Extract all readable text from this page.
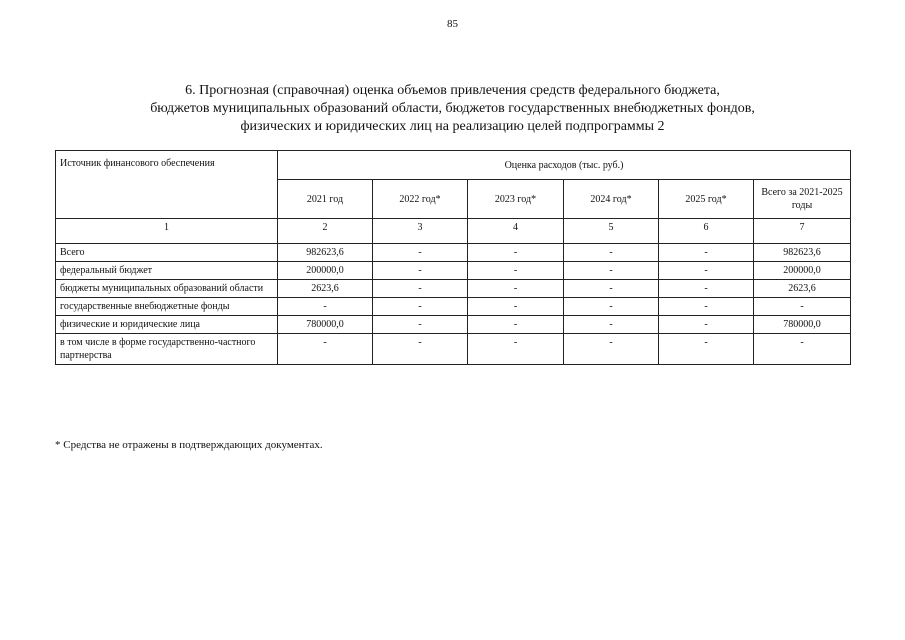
85
6. Прогнозная (справочная) оценка объемов привлечения средств федерального бюджета,
бюджетов муниципальных образований области, бюджетов государственных внебюджетных фондов,
физических и юридических лиц на реализацию целей подпрограммы 2
Источник финансового обеспечения	Оценка расходов (тыс. руб.)					
	2021 год	2022 год*	2023 год*	2024 год*	2025 год*	Всего за 2021-2025 годы
1	2	3	4	5	6	7
Всего	982623,6	-	-	-	-	982623,6
федеральный бюджет	200000,0	-	-	-	-	200000,0
бюджеты муниципальных образований области	2623,6	-	-	-	-	2623,6
государственные внебюджетные фонды	-	-	-	-	-	-
физические и юридические лица	780000,0	-	-	-	-	780000,0
в том числе в форме государственно-частного партнерства	-	-	-	-	-	-
* Средства не отражены в подтверждающих документах.
